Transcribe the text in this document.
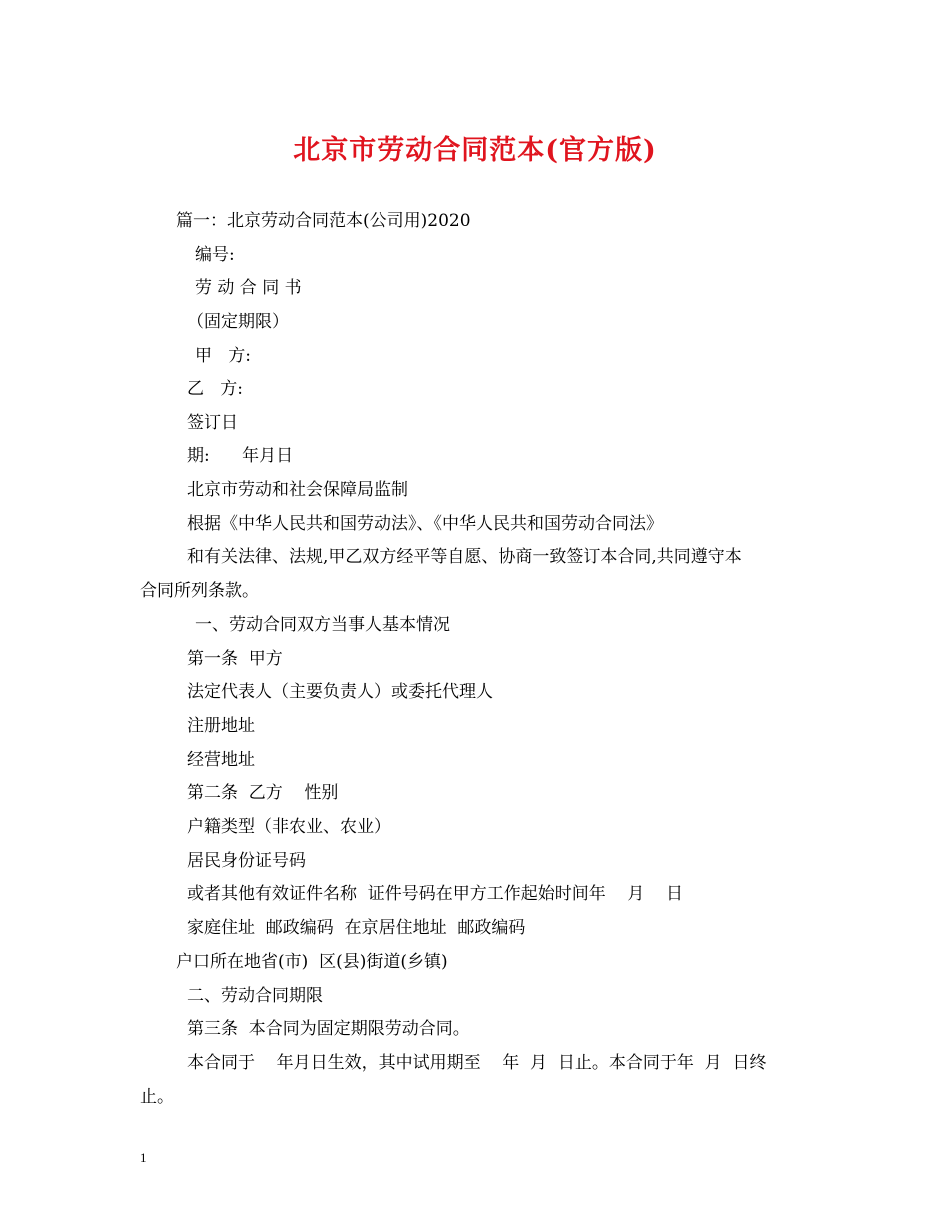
北京市劳动合同范本(官方版)
篇一：北京劳动合同范本(公司用)2020
编号:
劳 动 合 同 书
（固定期限）
甲   方:
乙   方:
签订日
期:      年月日
北京市劳动和社会保障局监制
根据《中华人民共和国劳动法》、《中华人民共和国劳动合同法》
和有关法律、法规,甲乙双方经平等自愿、协商一致签订本合同,共同遵守本
合同所列条款。
一、劳动合同双方当事人基本情况
第一条  甲方
法定代表人（主要负责人）或委托代理人
注册地址
经营地址
第二条  乙方    性别
户籍类型（非农业、农业）
居民身份证号码
或者其他有效证件名称  证件号码在甲方工作起始时间年    月    日
家庭住址  邮政编码  在京居住地址  邮政编码
户口所在地省(市)  区(县)街道(乡镇)
二、劳动合同期限
第三条  本合同为固定期限劳动合同。
本合同于    年月日生效，其中试用期至    年  月  日止。本合同于年  月  日终
止。
1
